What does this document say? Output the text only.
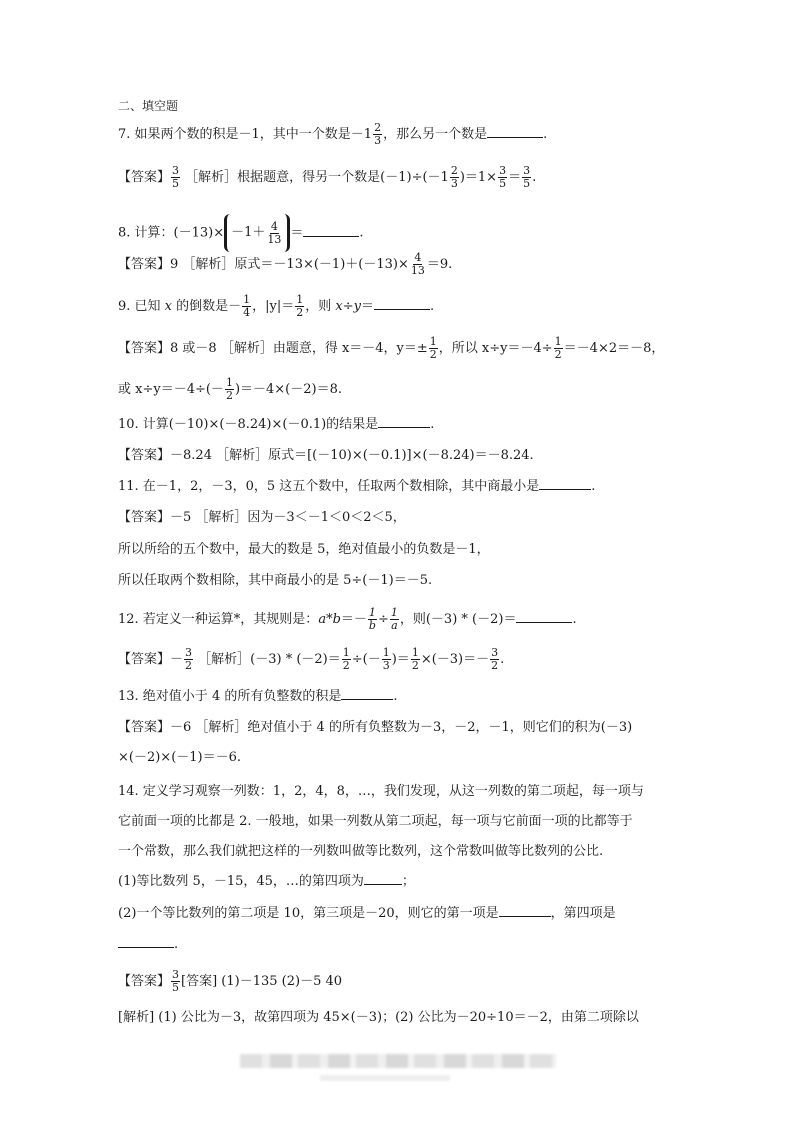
二、填空题
7. 如果两个数的积是－1，其中一个数是$-1 \frac{2}{3}$ ，那么另一个数是	.
【答案】 $\frac{3}{5}$ ［解析］根据题意，得另一个数是$(-1)\div(-1 \frac{2}{3} )=1\times \frac{3}{5} = \frac{3}{5}$ .
8. 计算：$(-13)\times -1+ \frac{4}{13}$ ＝	.
【答案】9 ［解析］原式$=-13\times(-1)+(-13)\times \frac{4}{13} =9$.
9. 已知 x 的倒数是－ $\frac{1}{4}$ ，$|y|= \frac{1}{2}$ ，则 x÷y＝	.
【答案】8 或－8 ［解析］由题意，得 x＝－4，$y=\pm \frac{1}{2}$ ，所以 $x\div y=-4\div \frac{1}{2} =-4\times 2=-8$，
或 $x\div y=-4\div(- \frac{1}{2} )=-4\times(-2)=8$.
10. 计算(－10)×(－8.24)×(－0.1)的结果是	.
【答案】－8.24 ［解析］原式＝[(－10)×(－0.1)]×(－8.24)＝－8.24.
11. 在－1，2，－3，0，5 这五个数中，任取两个数相除，其中商最小是	.
【答案】－5 ［解析］因为－3＜－1＜0＜2＜5，
所以所给的五个数中，最大的数是 5，绝对值最小的负数是－1，
所以任取两个数相除，其中商最小的是 5÷(－1)＝－5.
12. 若定义一种运算*，其规则是：$a*b=- \frac{1}{b} \div \frac{1}{a}$ ，则(－3) * (－2)＝	.
【答案】－ $\frac{3}{2}$ ［解析］(－3) * $(-2)= \frac{1}{2}$ ÷(－ $\frac{1}{3}$ )＝ $\frac{1}{2} \times(-3)=- \frac{3}{2}$ .
13. 绝对值小于 4 的所有负整数的积是	.
【答案】－6 ［解析］绝对值小于 4 的所有负整数为－3，－2，－1，则它们的积为(－3)
×(－2)×(－1)＝－6.
14. 定义学习观察一列数：1，2，4，8，…，我们发现，从这一列数的第二项起，每一项与
它前面一项的比都是 2. 一般地，如果一列数从第二项起，每一项与它前面一项的比都等于
一个常数，那么我们就把这样的一列数叫做等比数列，这个常数叫做等比数列的公比.
(1)等比数列 5，－15，45，…的第四项为	；
(2)一个等比数列的第二项是 10，第三项是－20，则它的第一项是	，第四项是
.
【答案】 $\frac{3}{5}$ [答案] (1)－135 (2)－5 40
[解析] (1) 公比为－3，故第四项为 45×(－3)；(2) 公比为－20÷10＝－2，由第二项除以
